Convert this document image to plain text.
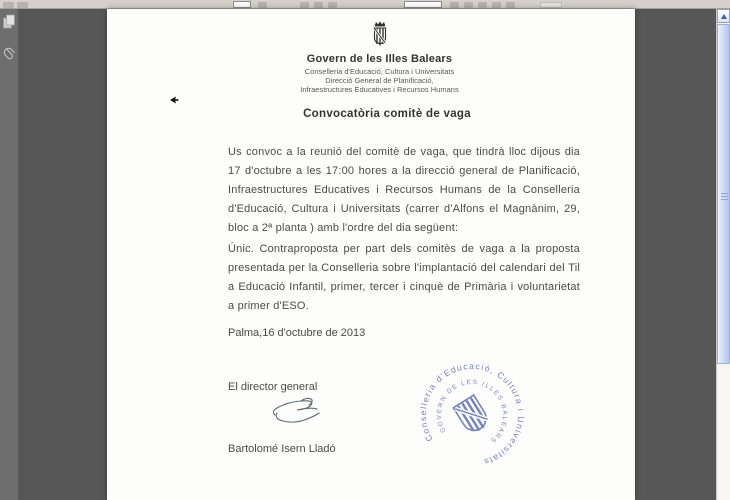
Govern de les Illes Balears
Conselleria d'Educació, Cultura i Universitats
Direcció General de Planificació,
Infraestructures Educatives i Recursos Humans
Convocatòria comitè de vaga

Us convoc a la reunió del comitè de vaga, que tindrà lloc dijous dia 17 d'octubre a les 17:00 hores a la direcció general de Planificació, Infraestructures Educatives i Recursos Humans de la Conselleria d'Educació, Cultura i Universitats (carrer d'Alfons el Magnànim, 29, bloc a 2ª planta ) amb l'ordre del dia següent:

Únic. Contraproposta per part dels comitès de vaga a la proposta presentada per la Conselleria sobre l'implantació del calendari del Til a Educació Infantil, primer, tercer i cinquè de Primària i voluntarietat a primer d'ESO.

Palma,16 d'octubre de 2013
El director general
Bartolomé Isern Lladó
Conselleria d'Educació, Cultura i Universitats
GOVERN DE LES ILLES BALEARS
